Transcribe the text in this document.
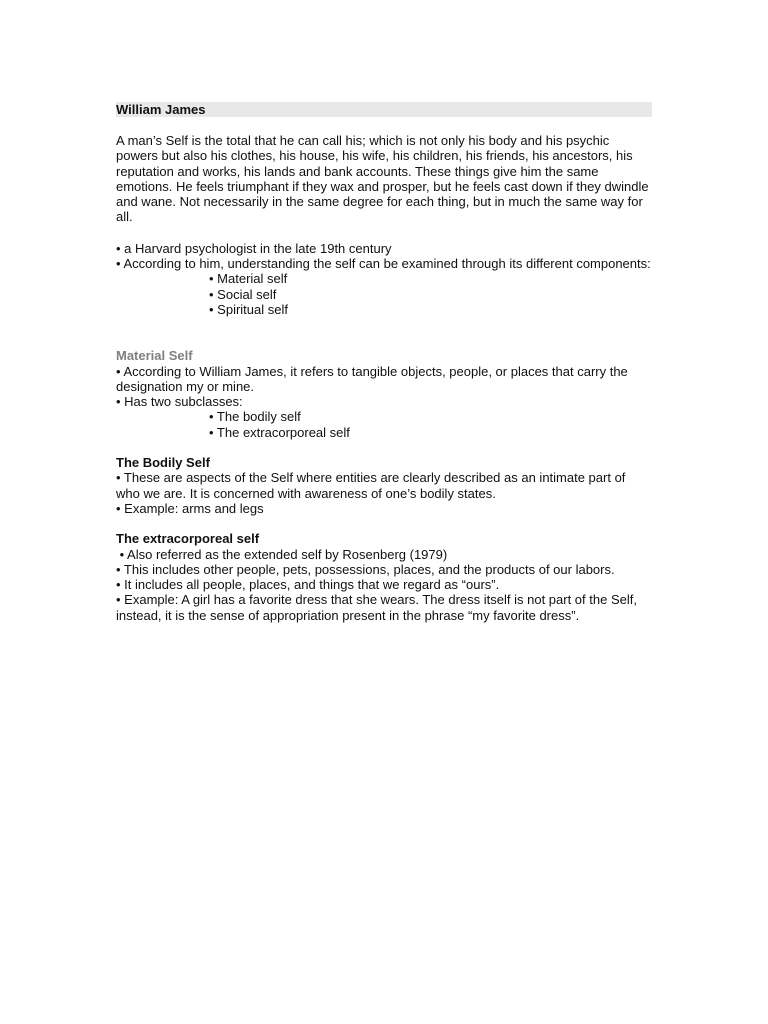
William James
A man’s Self is the total that he can call his; which is not only his body and his psychic powers but also his clothes, his house, his wife, his children, his friends, his ancestors, his reputation and works, his lands and bank accounts. These things give him the same emotions. He feels triumphant if they wax and prosper, but he feels cast down if they dwindle and wane. Not necessarily in the same degree for each thing, but in much the same way for all.
• a Harvard psychologist in the late 19th century
• According to him, understanding the self can be examined through its different components:
• Material self
• Social self
• Spiritual self
Material Self
• According to William James, it refers to tangible objects, people, or places that carry the designation my or mine.
• Has two subclasses:
• The bodily self
• The extracorporeal self
The Bodily Self
• These are aspects of the Self where entities are clearly described as an intimate part of who we are. It is concerned with awareness of one’s bodily states.
• Example: arms and legs
The extracorporeal self
• Also referred as the extended self by Rosenberg (1979)
• This includes other people, pets, possessions, places, and the products of our labors.
• It includes all people, places, and things that we regard as “ours”.
• Example: A girl has a favorite dress that she wears. The dress itself is not part of the Self, instead, it is the sense of appropriation present in the phrase “my favorite dress”.
